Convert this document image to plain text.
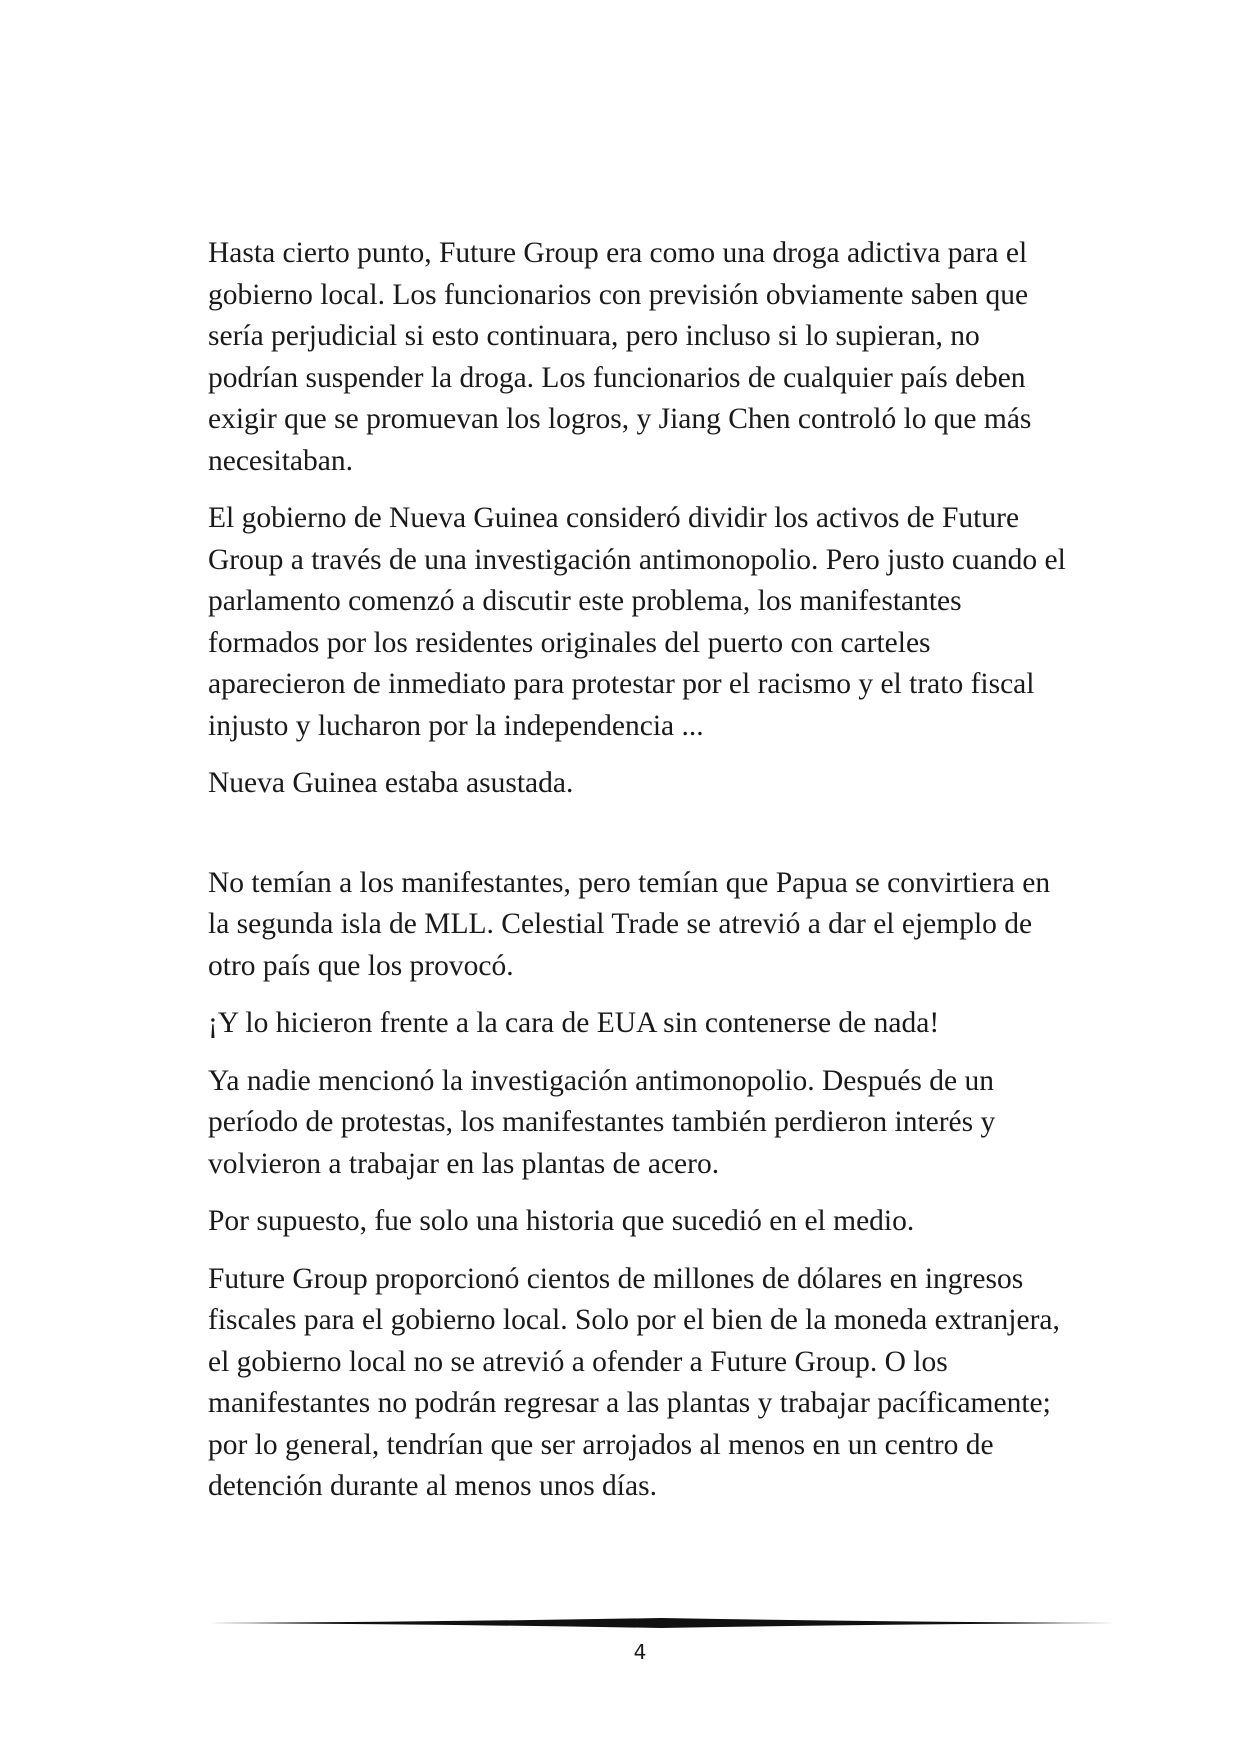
Hasta cierto punto, Future Group era como una droga adictiva para el gobierno local. Los funcionarios con previsión obviamente saben que sería perjudicial si esto continuara, pero incluso si lo supieran, no podrían suspender la droga. Los funcionarios de cualquier país deben exigir que se promuevan los logros, y Jiang Chen controló lo que más necesitaban.

El gobierno de Nueva Guinea consideró dividir los activos de Future Group a través de una investigación antimonopolio. Pero justo cuando el parlamento comenzó a discutir este problema, los manifestantes formados por los residentes originales del puerto con carteles aparecieron de inmediato para protestar por el racismo y el trato fiscal injusto y lucharon por la independencia ...

Nueva Guinea estaba asustada.

No temían a los manifestantes, pero temían que Papua se convirtiera en la segunda isla de MLL. Celestial Trade se atrevió a dar el ejemplo de otro país que los provocó.

¡Y lo hicieron frente a la cara de EUA sin contenerse de nada!

Ya nadie mencionó la investigación antimonopolio. Después de un período de protestas, los manifestantes también perdieron interés y volvieron a trabajar en las plantas de acero.

Por supuesto, fue solo una historia que sucedió en el medio.

Future Group proporcionó cientos de millones de dólares en ingresos fiscales para el gobierno local. Solo por el bien de la moneda extranjera, el gobierno local no se atrevió a ofender a Future Group. O los manifestantes no podrán regresar a las plantas y trabajar pacíficamente; por lo general, tendrían que ser arrojados al menos en un centro de detención durante al menos unos días.

4
